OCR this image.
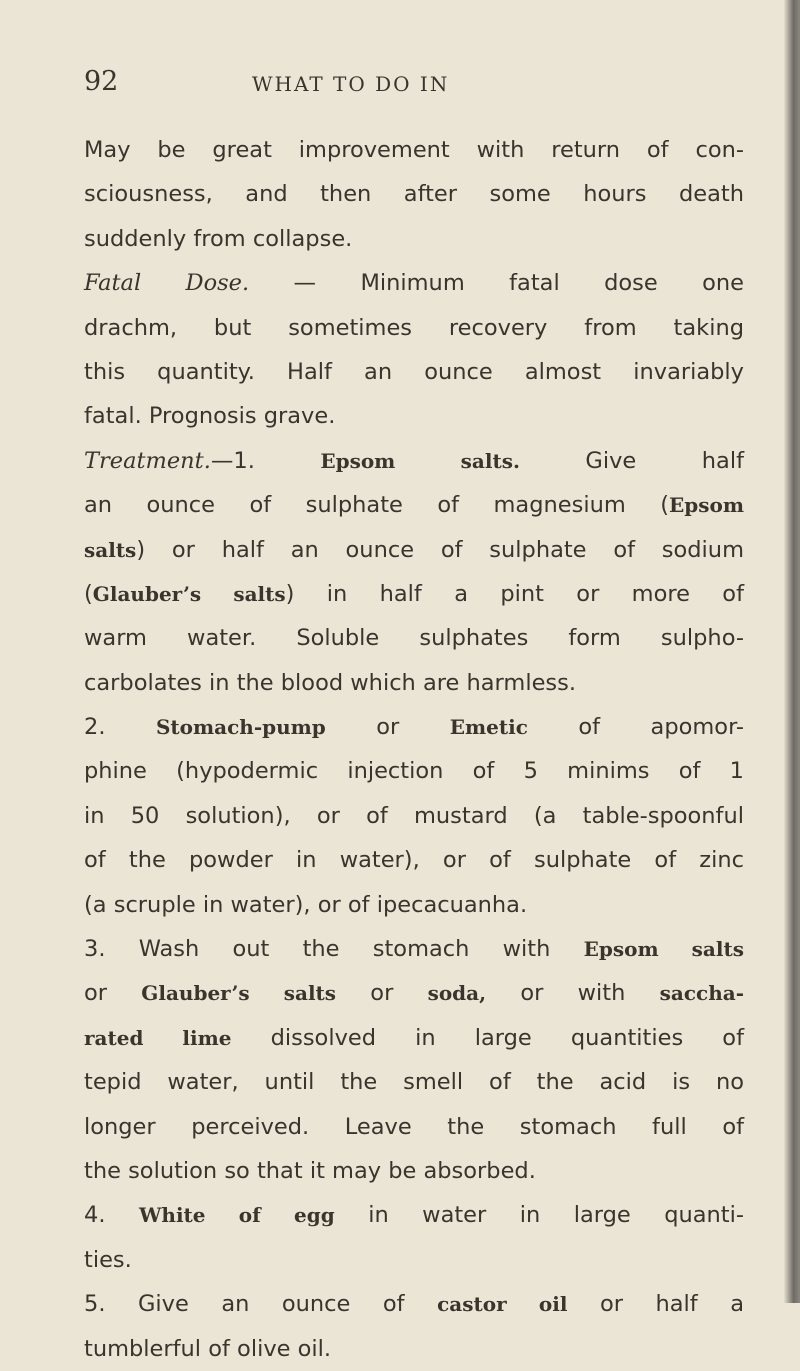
92	WHAT TO DO IN
May be great improvement with return of con-
sciousness, and then after some hours death
suddenly from collapse.
Fatal Dose. — Minimum fatal dose one
drachm, but sometimes recovery from taking
this quantity. Half an ounce almost invariably
fatal. Prognosis grave.
Treatment.—1. Epsom salts. Give half
an ounce of sulphate of magnesium (Epsom
salts) or half an ounce of sulphate of sodium
(Glauber’s salts) in half a pint or more of
warm water. Soluble sulphates form sulpho-
carbolates in the blood which are harmless.
2. Stomach-pump or Emetic of apomor-
phine (hypodermic injection of 5 minims of 1
in 50 solution), or of mustard (a table-spoonful
of the powder in water), or of sulphate of zinc
(a scruple in water), or of ipecacuanha.
3. Wash out the stomach with Epsom salts
or Glauber’s salts or soda, or with saccha-
rated lime dissolved in large quantities of
tepid water, until the smell of the acid is no
longer perceived. Leave the stomach full of
the solution so that it may be absorbed.
4. White of egg in water in large quanti-
ties.
5. Give an ounce of castor oil or half a
tumblerful of olive oil.
